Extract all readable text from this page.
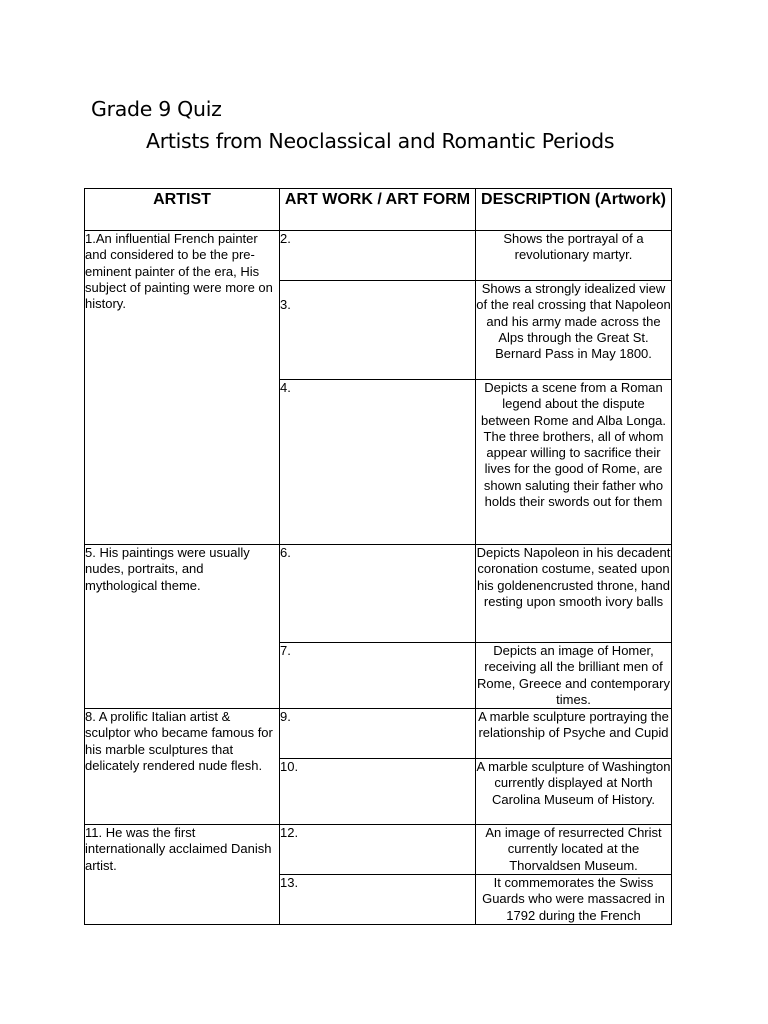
Grade 9 Quiz
Artists from Neoclassical and Romantic Periods
ARTIST	ART WORK / ART FORM	DESCRIPTION (Artwork)
1.An influential French painter and considered to be the pre-eminent painter of the era, His subject of painting were more on history.	2.	Shows the portrayal of a revolutionary martyr.
	3.	Shows a strongly idealized view of the real crossing that Napoleon and his army made across the Alps through the Great St. Bernard Pass in May 1800.
	4.	Depicts a scene from a Roman legend about the dispute between Rome and Alba Longa. The three brothers, all of whom appear willing to sacrifice their lives for the good of Rome, are shown saluting their father who holds their swords out for them
5. His paintings were usually nudes, portraits, and mythological theme.	6.	Depicts Napoleon in his decadent coronation costume, seated upon his goldenencrusted throne, hand resting upon smooth ivory balls
	7.	Depicts an image of Homer, receiving all the brilliant men of Rome, Greece and contemporary times.
8. A prolific Italian artist & sculptor who became famous for his marble sculptures that delicately rendered nude flesh.	9.	A marble sculpture portraying the relationship of Psyche and Cupid
	10.	A marble sculpture of Washington currently displayed at North Carolina Museum of History.
11. He was the first internationally acclaimed Danish artist.	12.	An image of resurrected Christ currently located at the Thorvaldsen Museum.
	13.	It commemorates the Swiss Guards who were massacred in 1792 during the French
